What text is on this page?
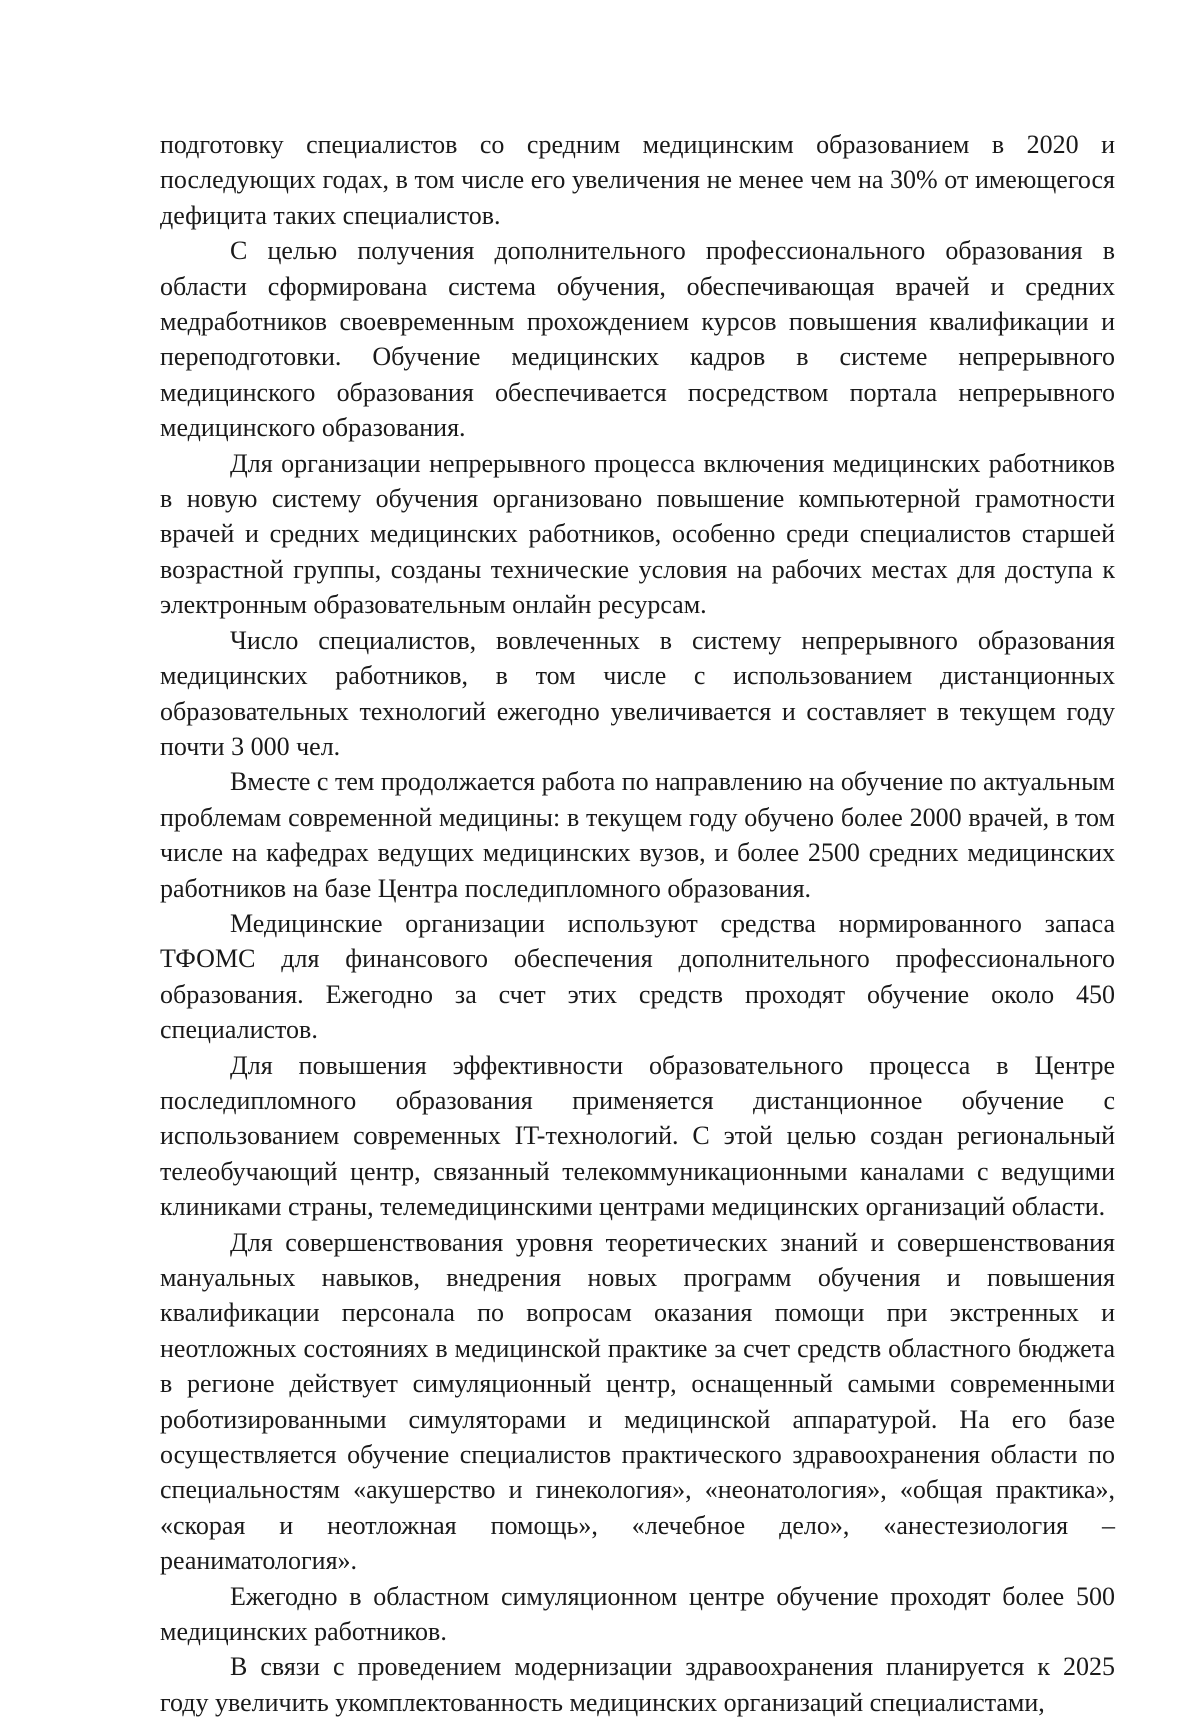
подготовку специалистов со средним медицинским образованием в 2020 и последующих годах, в том числе его увеличения не менее чем на 30% от имеющегося дефицита таких специалистов.

С целью получения дополнительного профессионального образования в области сформирована система обучения, обеспечивающая врачей и средних медработников своевременным прохождением курсов повышения квалификации и переподготовки. Обучение медицинских кадров в системе непрерывного медицинского образования обеспечивается посредством портала непрерывного медицинского образования.

Для организации непрерывного процесса включения медицинских работников в новую систему обучения организовано повышение компьютерной грамотности врачей и средних медицинских работников, особенно среди специалистов старшей возрастной группы, созданы технические условия на рабочих местах для доступа к электронным образовательным онлайн ресурсам.

Число специалистов, вовлеченных в систему непрерывного образования медицинских работников, в том числе с использованием дистанционных образовательных технологий ежегодно увеличивается и составляет в текущем году почти 3 000 чел.

Вместе с тем продолжается работа по направлению на обучение по актуальным проблемам современной медицины: в текущем году обучено более 2000 врачей, в том числе на кафедрах ведущих медицинских вузов, и более 2500 средних медицинских работников на базе Центра последипломного образования.

Медицинские организации используют средства нормированного запаса ТФОМС для финансового обеспечения дополнительного профессионального образования. Ежегодно за счет этих средств проходят обучение около 450 специалистов.

Для повышения эффективности образовательного процесса в Центре последипломного образования применяется дистанционное обучение с использованием современных IT-технологий. С этой целью создан региональный телеобучающий центр, связанный телекоммуникационными каналами с ведущими клиниками страны, телемедицинскими центрами медицинских организаций области.

Для совершенствования уровня теоретических знаний и совершенствования мануальных навыков, внедрения новых программ обучения и повышения квалификации персонала по вопросам оказания помощи при экстренных и неотложных состояниях в медицинской практике за счет средств областного бюджета в регионе действует симуляционный центр, оснащенный самыми современными роботизированными симуляторами и медицинской аппаратурой. На его базе осуществляется обучение специалистов практического здравоохранения области по специальностям «акушерство и гинекология», «неонатология», «общая практика», «скорая и неотложная помощь», «лечебное дело», «анестезиология – реаниматология».

Ежегодно в областном симуляционном центре обучение проходят более 500 медицинских работников.

В связи с проведением модернизации здравоохранения планируется к 2025 году увеличить укомплектованность медицинских организаций специалистами,
